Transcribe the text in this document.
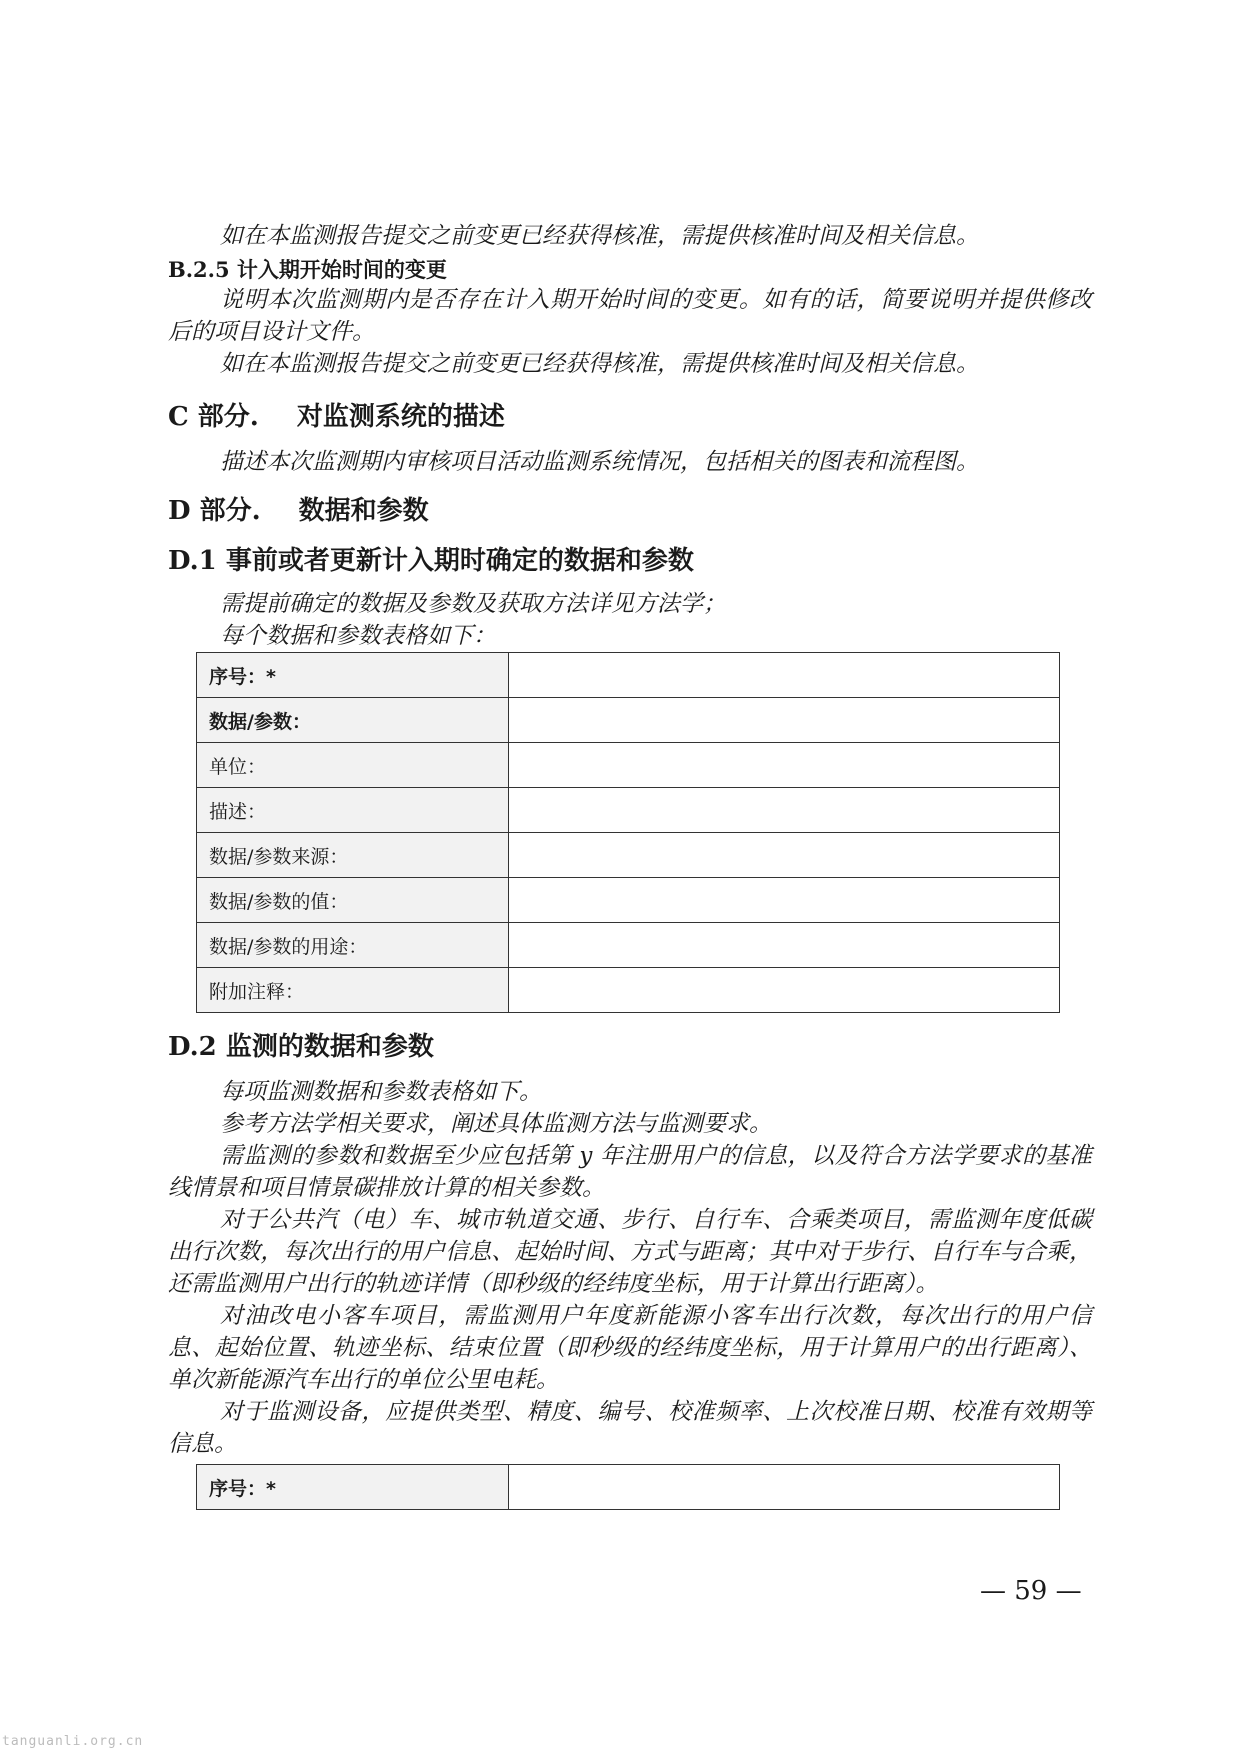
如在本监测报告提交之前变更已经获得核准，需提供核准时间及相关信息。

B.2.5 计入期开始时间的变更

说明本次监测期内是否存在计入期开始时间的变更。如有的话，简要说明并提供修改后的项目设计文件。

如在本监测报告提交之前变更已经获得核准，需提供核准时间及相关信息。

C 部分. 对监测系统的描述

描述本次监测期内审核项目活动监测系统情况，包括相关的图表和流程图。

D 部分. 数据和参数
D.1 事前或者更新计入期时确定的数据和参数

需提前确定的数据及参数及获取方法详见方法学；

每个数据和参数表格如下：

序号：*	
数据/参数：	
单位：	
描述：	
数据/参数来源：	
数据/参数的值：	
数据/参数的用途：	
附加注释：	
D.2 监测的数据和参数

每项监测数据和参数表格如下。

参考方法学相关要求，阐述具体监测方法与监测要求。

需监测的参数和数据至少应包括第 y 年注册用户的信息，以及符合方法学要求的基准线情景和项目情景碳排放计算的相关参数。

对于公共汽（电）车、城市轨道交通、步行、自行车、合乘类项目，需监测年度低碳出行次数，每次出行的用户信息、起始时间、方式与距离；其中对于步行、自行车与合乘，还需监测用户出行的轨迹详情（即秒级的经纬度坐标，用于计算出行距离）。

对油改电小客车项目，需监测用户年度新能源小客车出行次数，每次出行的用户信息、起始位置、轨迹坐标、结束位置（即秒级的经纬度坐标，用于计算用户的出行距离）、单次新能源汽车出行的单位公里电耗。

对于监测设备，应提供类型、精度、编号、校准频率、上次校准日期、校准有效期等信息。

序号：*	
— 59 —
tanguanli.org.cn
